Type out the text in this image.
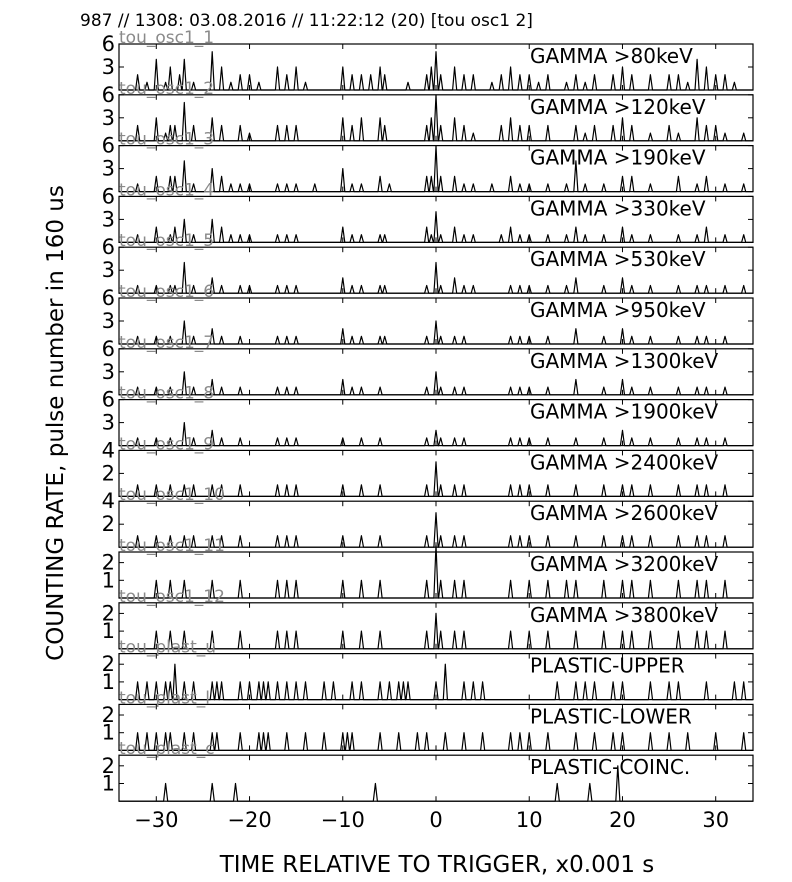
987 // 1308: 03.08.2016 // 11:22:12 (20) [tou osc1 2]
COUNTING RATE, pulse number in 160 us
TIME RELATIVE TO TRIGGER, x0.001 s
3
6	GAMMA >80keV
tou_osc1_1
3
6	GAMMA >120keV
tou_osc1_2
3
6	GAMMA >190keV
tou_osc1_3
3
6	GAMMA >330keV
tou_osc1_4
3
6	GAMMA >530keV
tou_osc1_5
3
6	GAMMA >950keV
tou_osc1_6
3
6	GAMMA >1300keV
tou_osc1_7
3
6	GAMMA >1900keV
tou_osc1_8
2
4	GAMMA >2400keV
tou_osc1_9
2
4	GAMMA >2600keV
tou_osc1_10
1
2	GAMMA >3200keV
tou_osc1_11
1
2	GAMMA >3800keV
tou_osc1_12
1
2	PLASTIC-UPPER
tou_plast_u
1
2	PLASTIC-LOWER
tou_plast_l
1
2	PLASTIC-COINC.
tou_plast_c
−30 −20 −10	0	10	20	30
